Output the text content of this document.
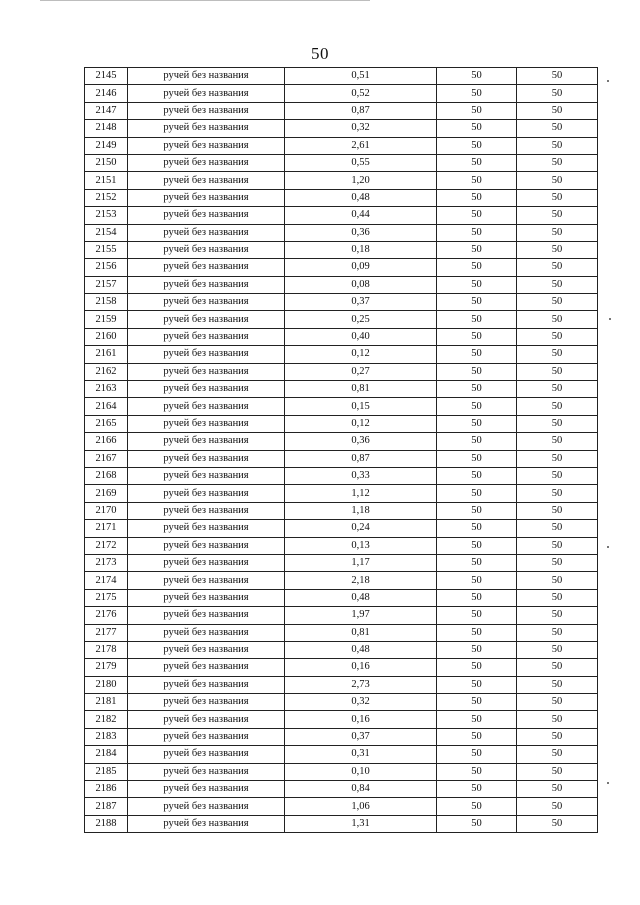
50
2145	ручей без названия	0,51	50	50
2146	ручей без названия	0,52	50	50
2147	ручей без названия	0,87	50	50
2148	ручей без названия	0,32	50	50
2149	ручей без названия	2,61	50	50
2150	ручей без названия	0,55	50	50
2151	ручей без названия	1,20	50	50
2152	ручей без названия	0,48	50	50
2153	ручей без названия	0,44	50	50
2154	ручей без названия	0,36	50	50
2155	ручей без названия	0,18	50	50
2156	ручей без названия	0,09	50	50
2157	ручей без названия	0,08	50	50
2158	ручей без названия	0,37	50	50
2159	ручей без названия	0,25	50	50
2160	ручей без названия	0,40	50	50
2161	ручей без названия	0,12	50	50
2162	ручей без названия	0,27	50	50
2163	ручей без названия	0,81	50	50
2164	ручей без названия	0,15	50	50
2165	ручей без названия	0,12	50	50
2166	ручей без названия	0,36	50	50
2167	ручей без названия	0,87	50	50
2168	ручей без названия	0,33	50	50
2169	ручей без названия	1,12	50	50
2170	ручей без названия	1,18	50	50
2171	ручей без названия	0,24	50	50
2172	ручей без названия	0,13	50	50
2173	ручей без названия	1,17	50	50
2174	ручей без названия	2,18	50	50
2175	ручей без названия	0,48	50	50
2176	ручей без названия	1,97	50	50
2177	ручей без названия	0,81	50	50
2178	ручей без названия	0,48	50	50
2179	ручей без названия	0,16	50	50
2180	ручей без названия	2,73	50	50
2181	ручей без названия	0,32	50	50
2182	ручей без названия	0,16	50	50
2183	ручей без названия	0,37	50	50
2184	ручей без названия	0,31	50	50
2185	ручей без названия	0,10	50	50
2186	ручей без названия	0,84	50	50
2187	ручей без названия	1,06	50	50
2188	ручей без названия	1,31	50	50
